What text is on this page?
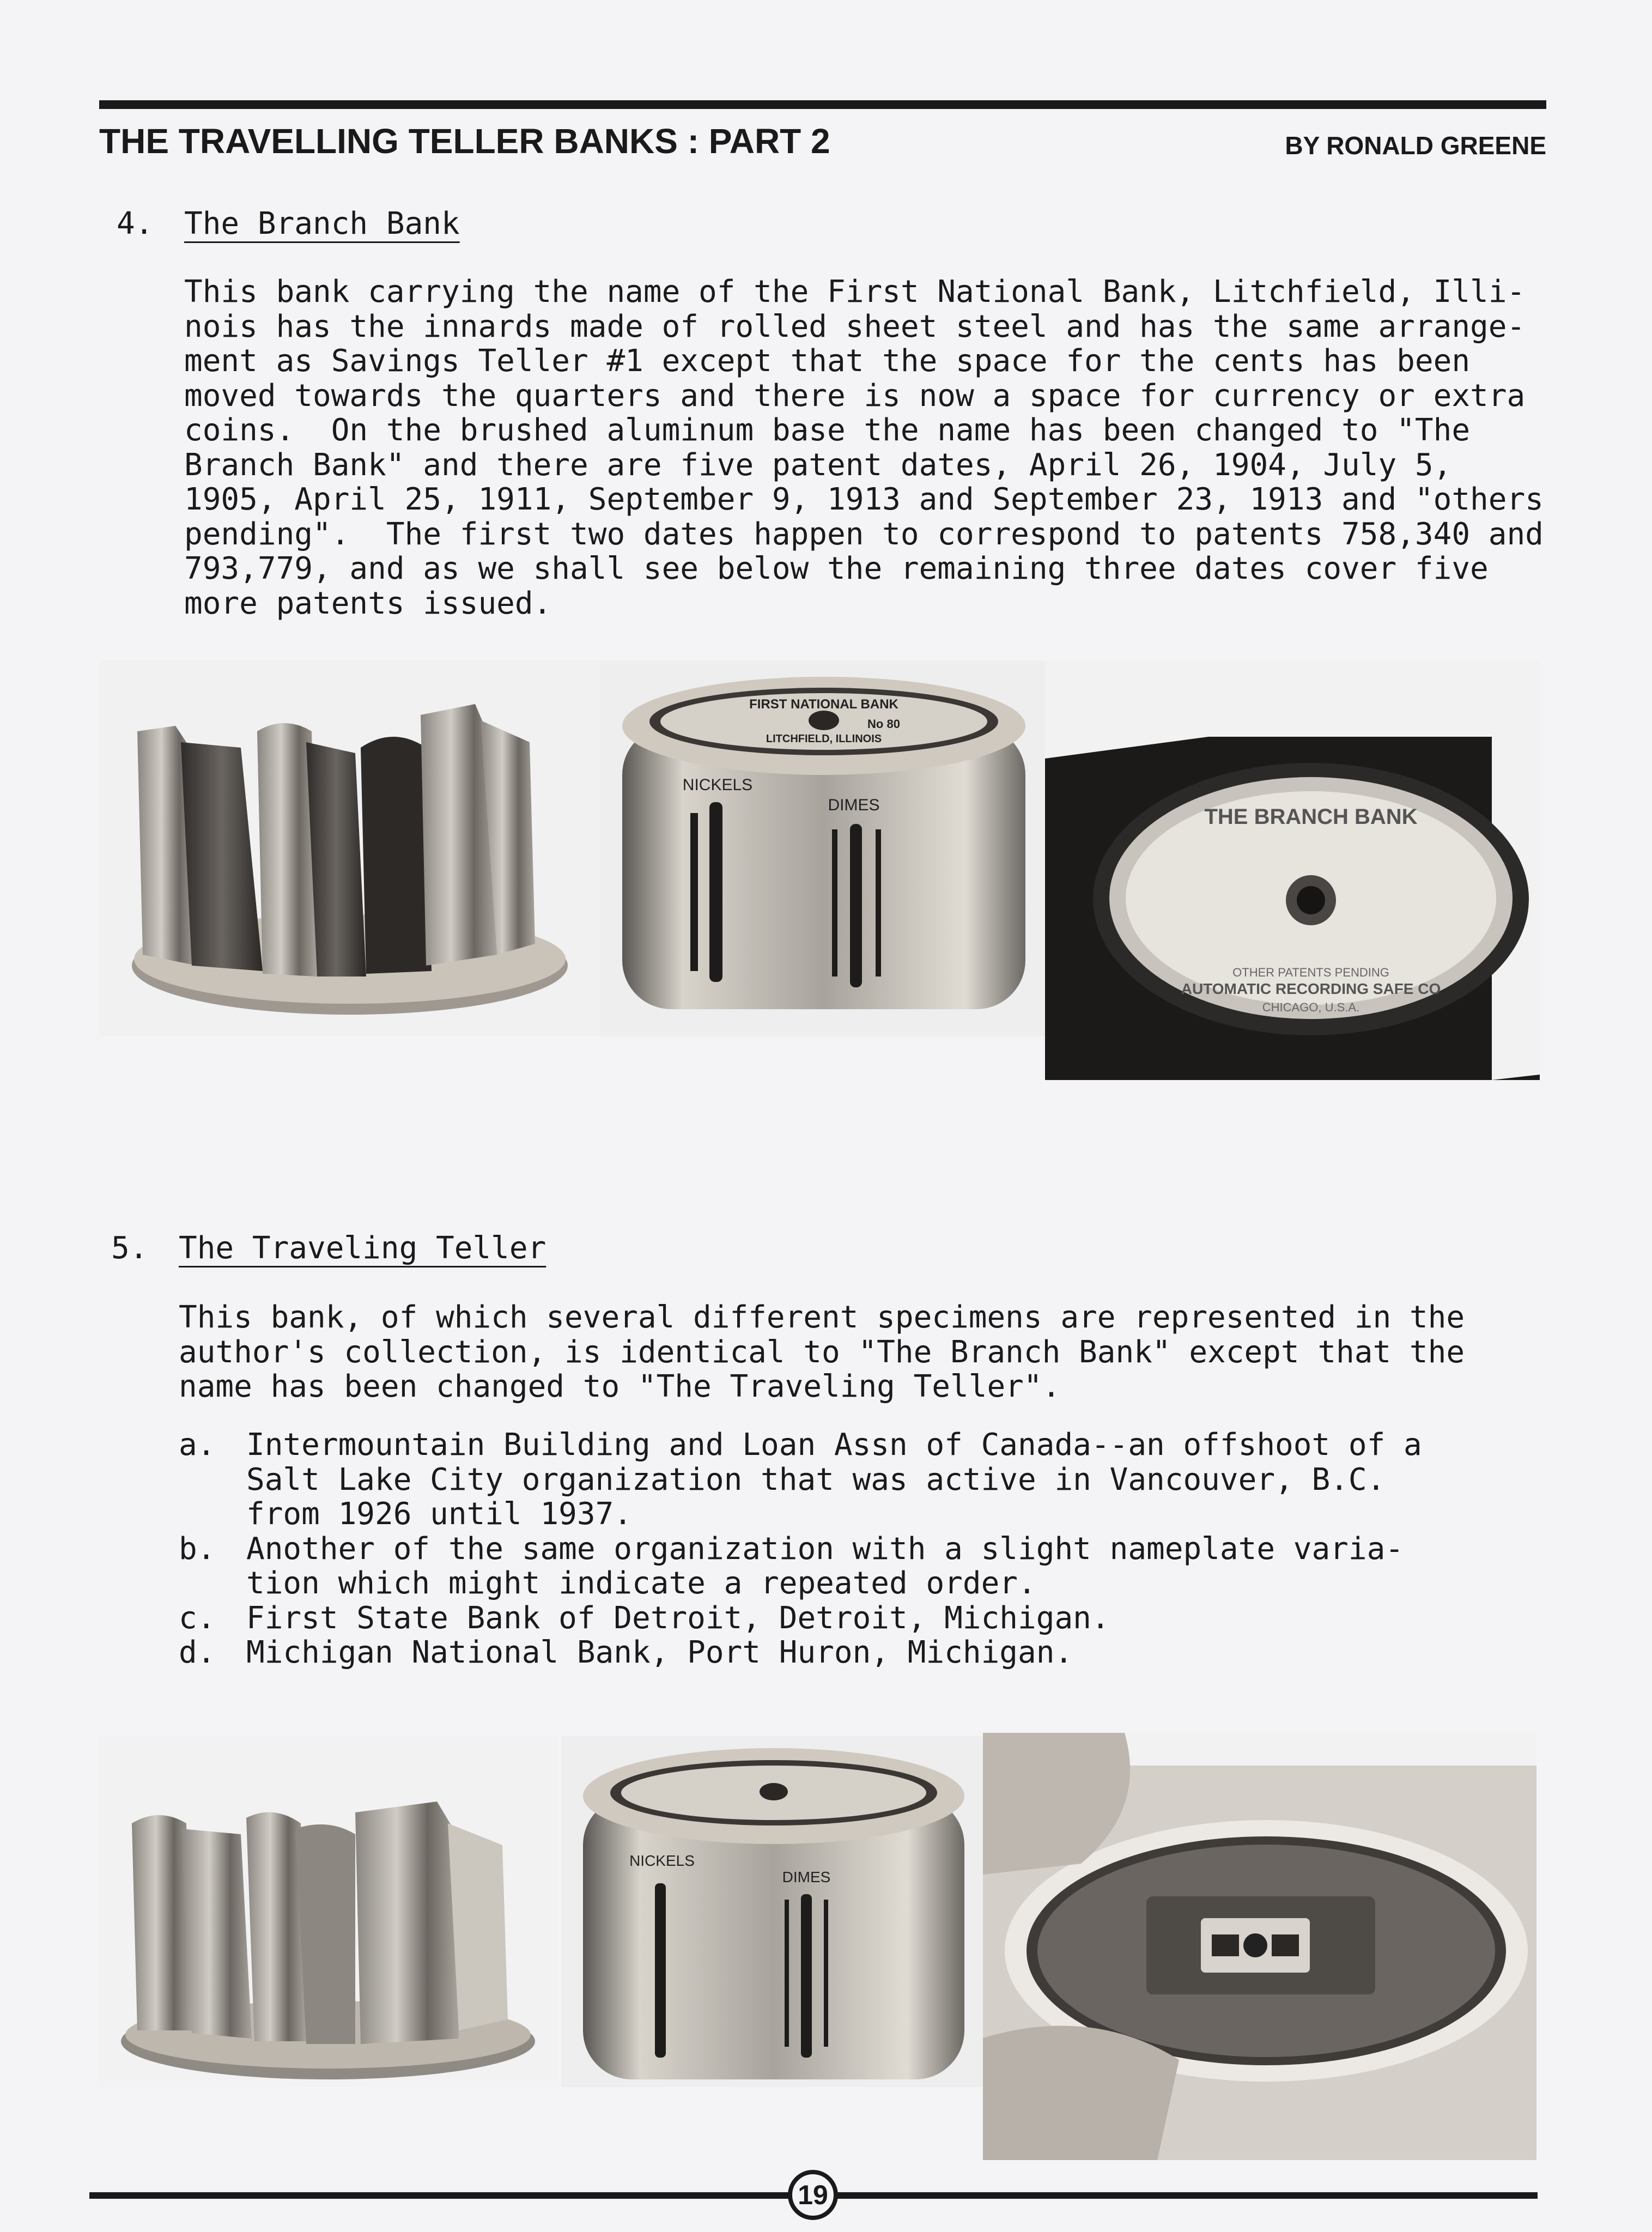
THE TRAVELLING TELLER BANKS : PART 2	BY RONALD GREENE
4. The Branch Bank
This bank carrying the name of the First National Bank, Litchfield, Illi-
nois has the innards made of rolled sheet steel and has the same arrange-
ment as Savings Teller #1 except that the space for the cents has been
moved towards the quarters and there is now a space for currency or extra
coins.  On the brushed aluminum base the name has been changed to "The
Branch Bank" and there are five patent dates, April 26, 1904, July 5,
1905, April 25, 1911, September 9, 1913 and September 23, 1913 and "others
pending".  The first two dates happen to correspond to patents 758,340 and
793,779, and as we shall see below the remaining three dates cover five
more patents issued.
FIRST NATIONAL BANK
No 80
LITCHFIELD, ILLINOIS
NICKELS
DIMES	THE BRANCH BANK
OTHER PATENTS PENDING
AUTOMATIC RECORDING SAFE CO
CHICAGO, U.S.A.
5. The Traveling Teller
This bank, of which several different specimens are represented in the
author's collection, is identical to "The Branch Bank" except that the
name has been changed to "The Traveling Teller".
a. Intermountain Building and Loan Assn of Canada--an offshoot of a
Salt Lake City organization that was active in Vancouver, B.C.
from 1926 until 1937.
b. Another of the same organization with a slight nameplate varia-
tion which might indicate a repeated order.
c. First State Bank of Detroit, Detroit, Michigan.
d. Michigan National Bank, Port Huron, Michigan.
NICKELS
DIMES
19
